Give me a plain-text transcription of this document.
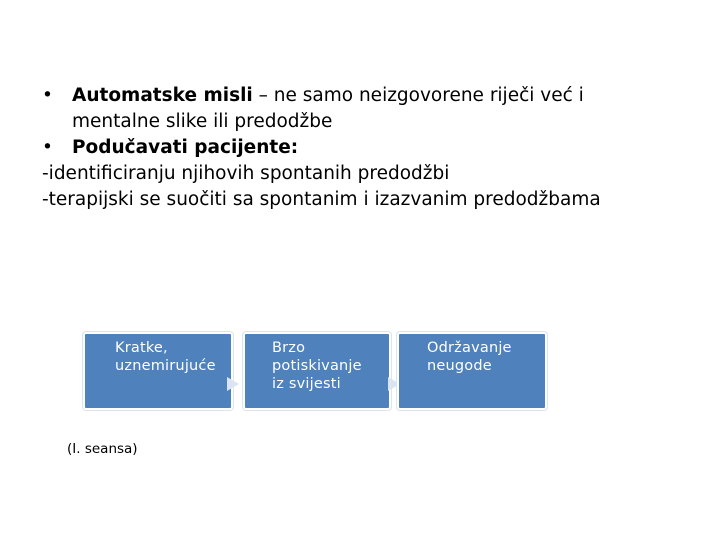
• Automatske misli – ne samo neizgovorene riječi već i
mentalne slike ili predodžbe
• Podučavati pacijente:
-identificiranju njihovih spontanih predodžbi
-terapijski se suočiti sa spontanim i izazvanim predodžbama
Kratke,
uznemirujuće
Brzo
potiskivanje
iz svijesti
Održavanje
neugode
(I. seansa)
